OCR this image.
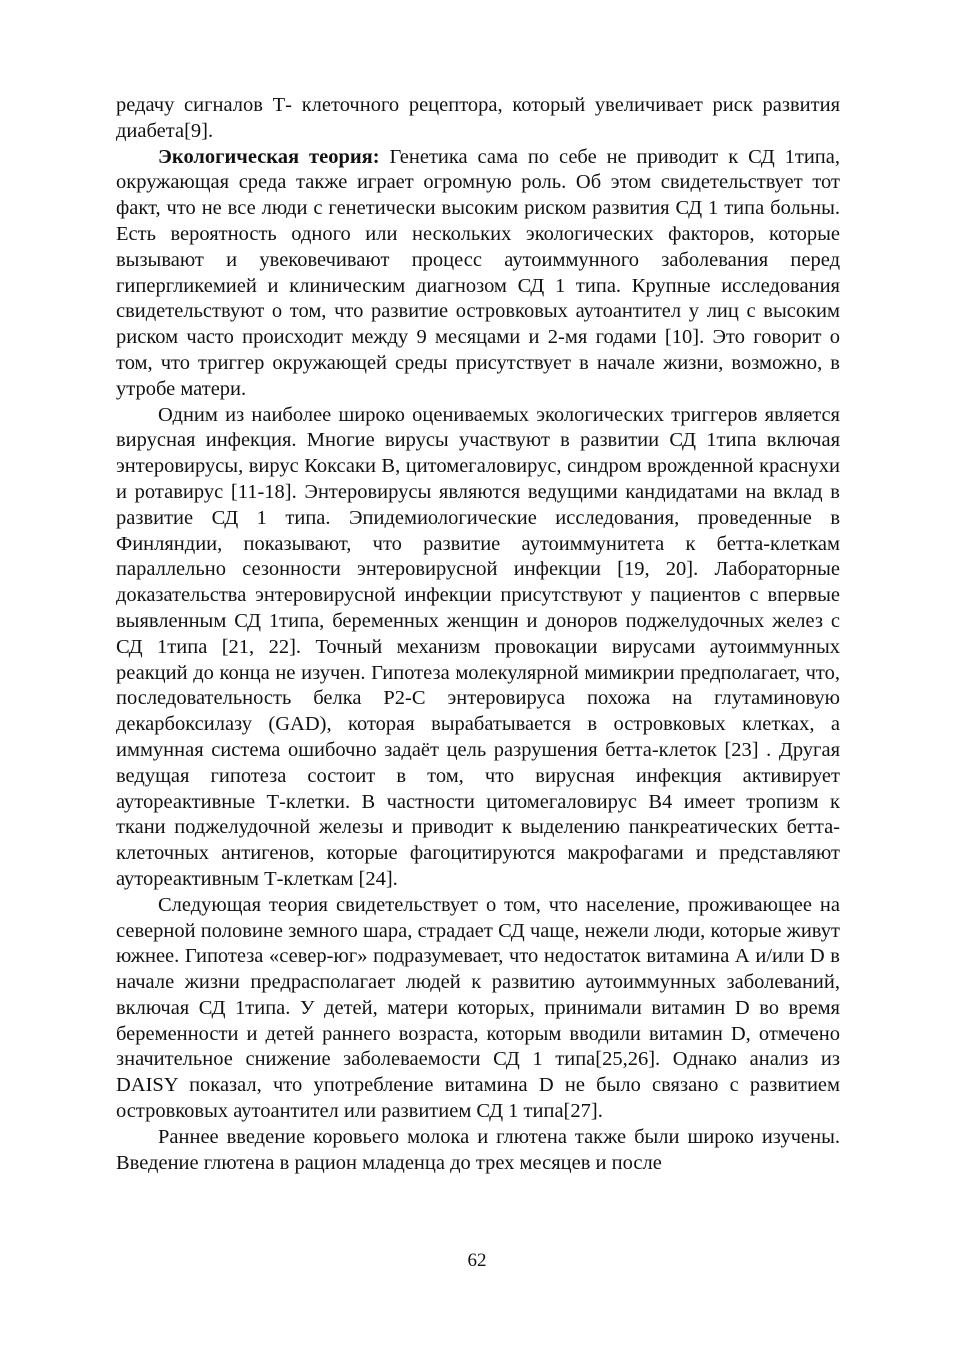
редачу сигналов Т- клеточного рецептора, который увеличивает риск развития диабета[9].

Экологическая теория: Генетика сама по себе не приводит к СД 1типа, окружающая среда также играет огромную роль. Об этом свидетельствует тот факт, что не все люди с генетически высоким риском развития СД 1 типа больны. Есть вероятность одного или нескольких экологических факторов, которые вызывают и увековечивают процесс аутоиммунного заболевания перед гипергликемией и клиническим диагнозом СД 1 типа. Крупные исследования свидетельствуют о том, что развитие островковых аутоантител у лиц с высоким риском часто происходит между 9 месяцами и 2-мя годами [10]. Это говорит о том, что триггер окружающей среды присутствует в начале жизни, возможно, в утробе матери.

Одним из наиболее широко оцениваемых экологических триггеров является вирусная инфекция. Многие вирусы участвуют в развитии СД 1типа включая энтеровирусы, вирус Коксаки В, цитомегаловирус, синдром врожденной краснухи и ротавирус [11-18]. Энтеровирусы являются ведущими кандидатами на вклад в развитие СД 1 типа. Эпидемиологические исследования, проведенные в Финляндии, показывают, что развитие аутоиммунитета к бетта-клеткам параллельно сезонности энтеровирусной инфекции [19, 20]. Лабораторные доказательства энтеровирусной инфекции присутствуют у пациентов с впервые выявленным СД 1типа, беременных женщин и доноров поджелудочных желез с СД 1типа [21, 22]. Точный механизм провокации вирусами аутоиммунных реакций до конца не изучен. Гипотеза молекулярной мимикрии предполагает, что, последовательность белка P2-C энтеровируса похожа на глутаминовую декарбоксилазу (GAD), которая вырабатывается в островковых клетках, а иммунная система ошибочно задаёт цель разрушения бетта-клеток [23] . Другая ведущая гипотеза состоит в том, что вирусная инфекция активирует аутореактивные Т-клетки. В частности цитомегаловирус В4 имеет тропизм к ткани поджелудочной железы и приводит к выделению панкреатических бетта-клеточных антигенов, которые фагоцитируются макрофагами и представляют аутореактивным Т-клеткам [24].

Следующая теория свидетельствует о том, что население, проживающее на северной половине земного шара, страдает СД чаще, нежели люди, которые живут южнее. Гипотеза «север-юг» подразумевает, что недостаток витамина А и/или D в начале жизни предрасполагает людей к развитию аутоиммунных заболеваний, включая СД 1типа. У детей, матери которых, принимали витамин D во время беременности и детей раннего возраста, которым вводили витамин D, отмечено значительное снижение заболеваемости СД 1 типа[25,26]. Однако анализ из DAISY показал, что употребление витамина D не было связано с развитием островковых аутоантител или развитием СД 1 типа[27].

Раннее введение коровьего молока и глютена также были широко изучены. Введение глютена в рацион младенца до трех месяцев и после

62
